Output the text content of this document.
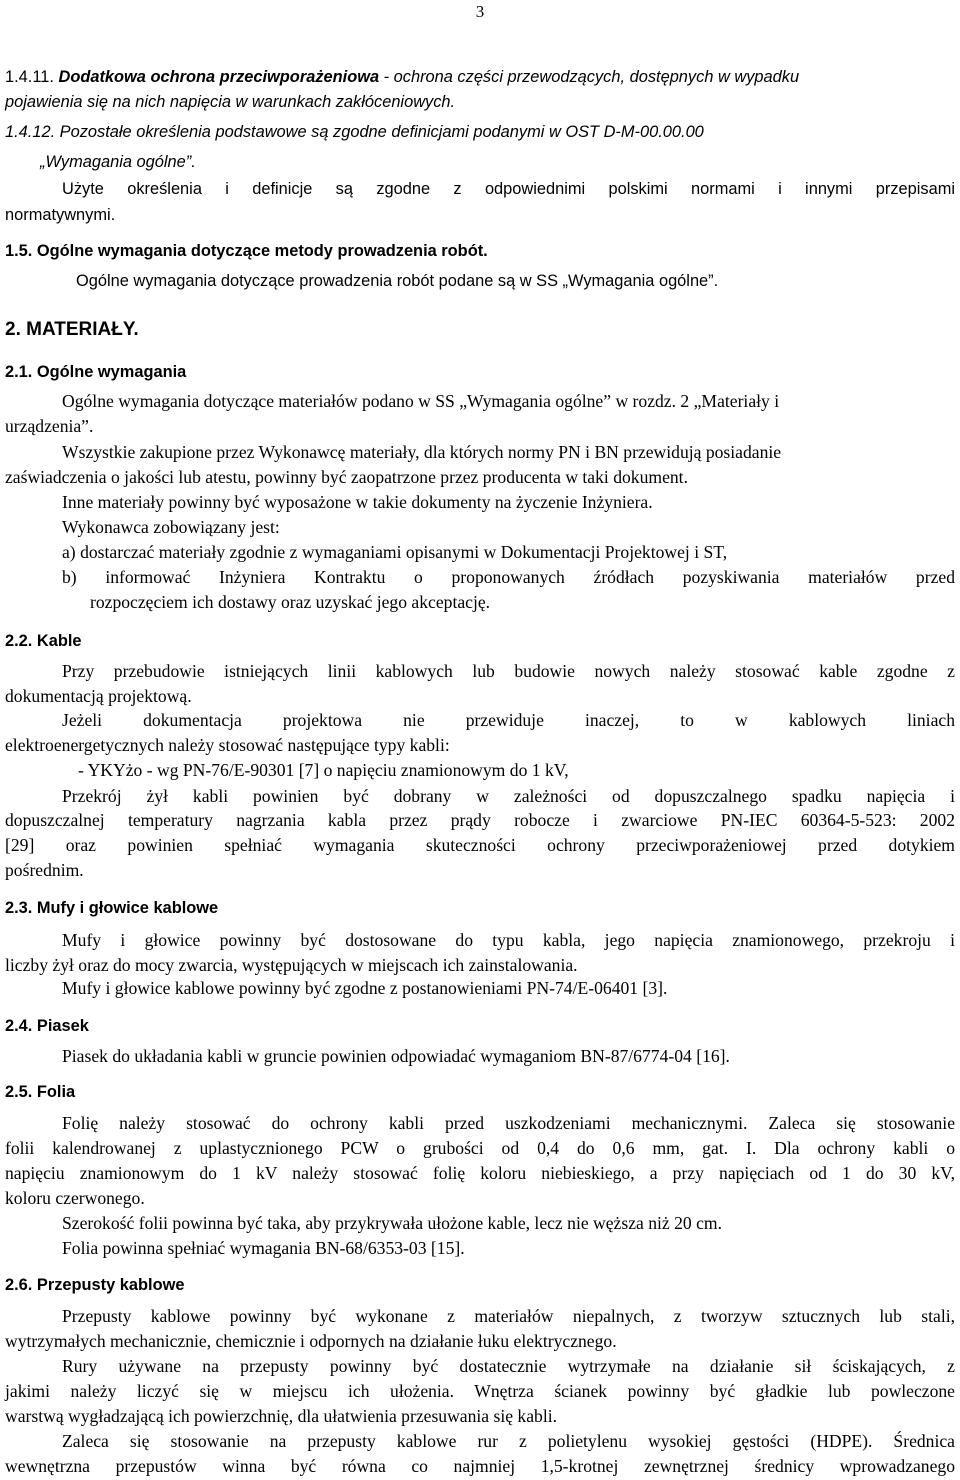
3
1.4.11. Dodatkowa ochrona przeciwporażeniowa - ochrona części przewodzących, dostępnych w wypadku
pojawienia się na nich napięcia w warunkach zakłóceniowych.
1.4.12. Pozostałe określenia podstawowe są zgodne definicjami podanymi w OST D-M-00.00.00
„Wymagania ogólne”.
Użyte określenia i definicje są zgodne z odpowiednimi polskimi normami i innymi przepisami
normatywnymi.
1.5. Ogólne wymagania dotyczące metody prowadzenia robót.
Ogólne wymagania dotyczące prowadzenia robót podane są w SS „Wymagania ogólne”.
2. MATERIAŁY.
2.1. Ogólne wymagania
Ogólne wymagania dotyczące materiałów podano w SS „Wymagania ogólne” w rozdz. 2 „Materiały i
urządzenia”.
Wszystkie zakupione przez Wykonawcę materiały, dla których normy PN i BN przewidują posiadanie
zaświadczenia o jakości lub atestu, powinny być zaopatrzone przez producenta w taki dokument.
Inne materiały powinny być wyposażone w takie dokumenty na życzenie Inżyniera.
Wykonawca zobowiązany jest:
a) dostarczać materiały zgodnie z wymaganiami opisanymi w Dokumentacji Projektowej i ST,
b) informować Inżyniera Kontraktu o proponowanych źródłach pozyskiwania materiałów przed
rozpoczęciem ich dostawy oraz uzyskać jego akceptację.
2.2. Kable
Przy przebudowie istniejących linii kablowych lub budowie nowych należy stosować kable zgodne z
dokumentacją projektową.
Jeżeli dokumentacja projektowa nie przewiduje inaczej, to w kablowych liniach
elektroenergetycznych należy stosować następujące typy kabli:
- YKYżo - wg PN-76/E-90301 [7] o napięciu znamionowym do 1 kV,
Przekrój żył kabli powinien być dobrany w zależności od dopuszczalnego spadku napięcia i
dopuszczalnej temperatury nagrzania kabla przez prądy robocze i zwarciowe PN-IEC 60364-5-523: 2002
[29] oraz powinien spełniać wymagania skuteczności ochrony przeciwporażeniowej przed dotykiem
pośrednim.
2.3. Mufy i głowice kablowe
Mufy i głowice powinny być dostosowane do typu kabla, jego napięcia znamionowego, przekroju i
liczby żył oraz do mocy zwarcia, występujących w miejscach ich zainstalowania.
Mufy i głowice kablowe powinny być zgodne z postanowieniami PN-74/E-06401 [3].
2.4. Piasek
Piasek do układania kabli w gruncie powinien odpowiadać wymaganiom BN-87/6774-04 [16].
2.5. Folia
Folię należy stosować do ochrony kabli przed uszkodzeniami mechanicznymi. Zaleca się stosowanie
folii kalendrowanej z uplastycznionego PCW o grubości od 0,4 do 0,6 mm, gat. I. Dla ochrony kabli o
napięciu znamionowym do 1 kV należy stosować folię koloru niebieskiego, a przy napięciach od 1 do 30 kV,
koloru czerwonego.
Szerokość folii powinna być taka, aby przykrywała ułożone kable, lecz nie węższa niż 20 cm.
Folia powinna spełniać wymagania BN-68/6353-03 [15].
2.6. Przepusty kablowe
Przepusty kablowe powinny być wykonane z materiałów niepalnych, z tworzyw sztucznych lub stali,
wytrzymałych mechanicznie, chemicznie i odpornych na działanie łuku elektrycznego.
Rury używane na przepusty powinny być dostatecznie wytrzymałe na działanie sił ściskających, z
jakimi należy liczyć się w miejscu ich ułożenia. Wnętrza ścianek powinny być gładkie lub powleczone
warstwą wygładzającą ich powierzchnię, dla ułatwienia przesuwania się kabli.
Zaleca się stosowanie na przepusty kablowe rur z polietylenu wysokiej gęstości (HDPE). Średnica
wewnętrzna przepustów winna być równa co najmniej 1,5-krotnej zewnętrznej średnicy wprowadzanego
